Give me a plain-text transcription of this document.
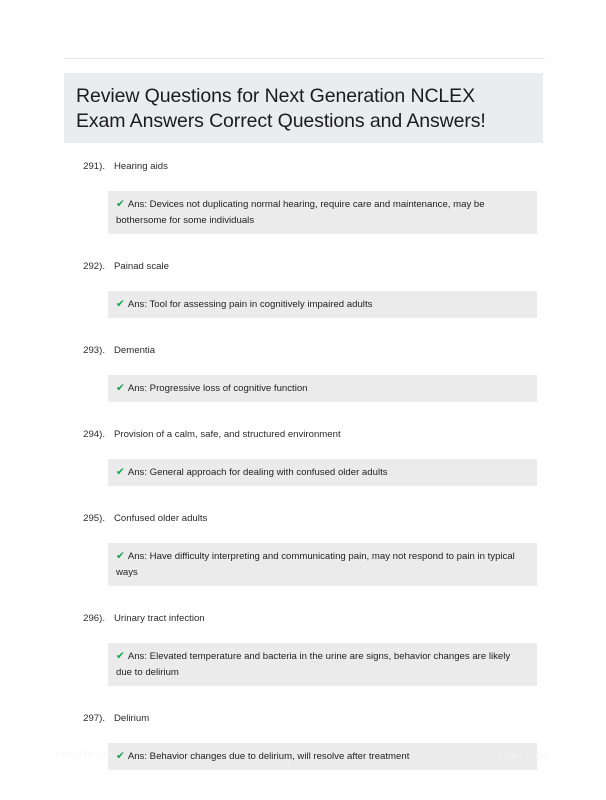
Review Questions for Next Generation NCLEX Exam Answers Correct Questions and Answers!
291). Hearing aids
✔ Ans: Devices not duplicating normal hearing, require care and maintenance, may be bothersome for some individuals
292). Painad scale
✔ Ans: Tool for assessing pain in cognitively impaired adults
293). Dementia
✔ Ans: Progressive loss of cognitive function
294). Provision of a calm, safe, and structured environment
✔ Ans: General approach for dealing with confused older adults
295). Confused older adults
✔ Ans: Have difficulty interpreting and communicating pain, may not respond to pain in typical ways
296). Urinary tract infection
✔ Ans: Elevated temperature and bacteria in the urine are signs, behavior changes are likely due to delirium
297). Delirium
✔ Ans: Behavior changes due to delirium, will resolve after treatment
PaperTitle.com	Page 1 of 3
